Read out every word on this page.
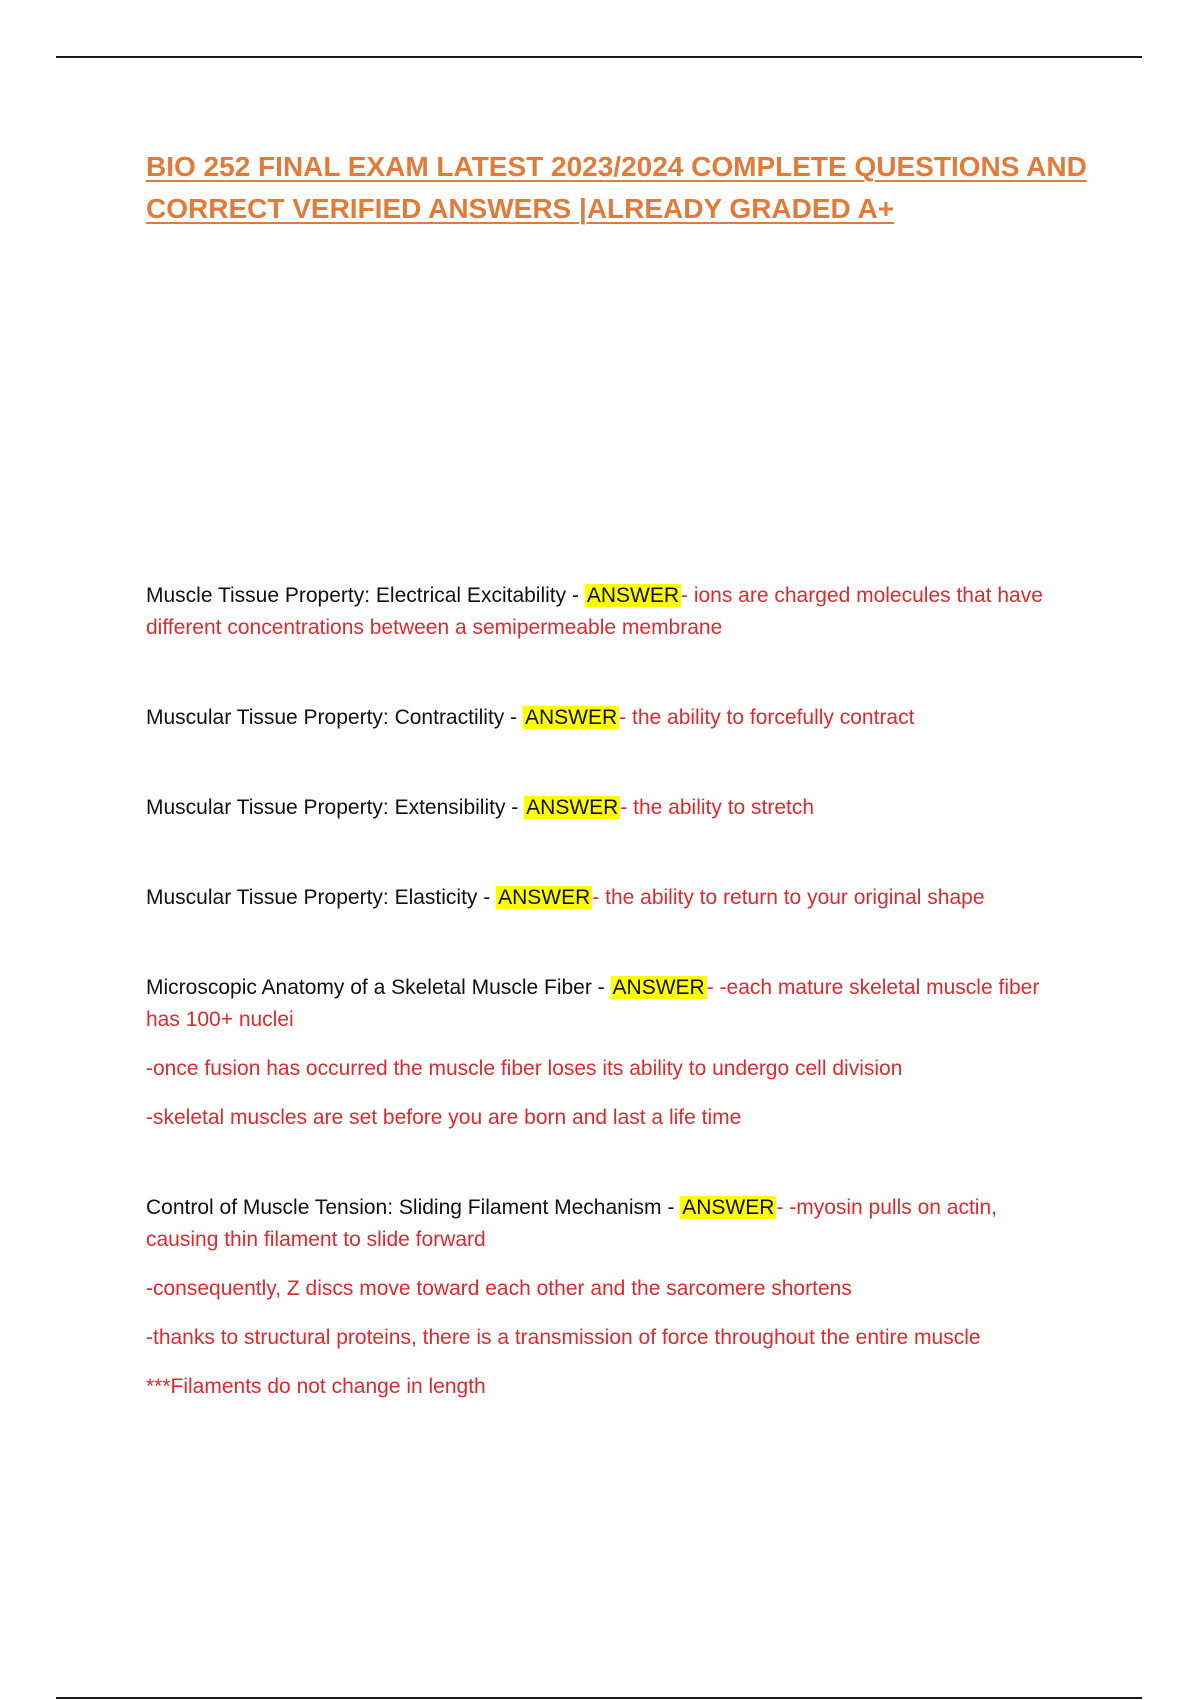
BIO 252 FINAL EXAM LATEST 2023/2024 COMPLETE QUESTIONS AND
CORRECT VERIFIED ANSWERS |ALREADY GRADED A+
Muscle Tissue Property: Electrical Excitability - ANSWER- ions are charged molecules that have
different concentrations between a semipermeable membrane
Muscular Tissue Property: Contractility - ANSWER- the ability to forcefully contract
Muscular Tissue Property: Extensibility - ANSWER- the ability to stretch
Muscular Tissue Property: Elasticity - ANSWER- the ability to return to your original shape
Microscopic Anatomy of a Skeletal Muscle Fiber - ANSWER- -each mature skeletal muscle fiber
has 100+ nuclei
-once fusion has occurred the muscle fiber loses its ability to undergo cell division
-skeletal muscles are set before you are born and last a life time
Control of Muscle Tension: Sliding Filament Mechanism - ANSWER- -myosin pulls on actin,
causing thin filament to slide forward
-consequently, Z discs move toward each other and the sarcomere shortens
-thanks to structural proteins, there is a transmission of force throughout the entire muscle
***Filaments do not change in length
